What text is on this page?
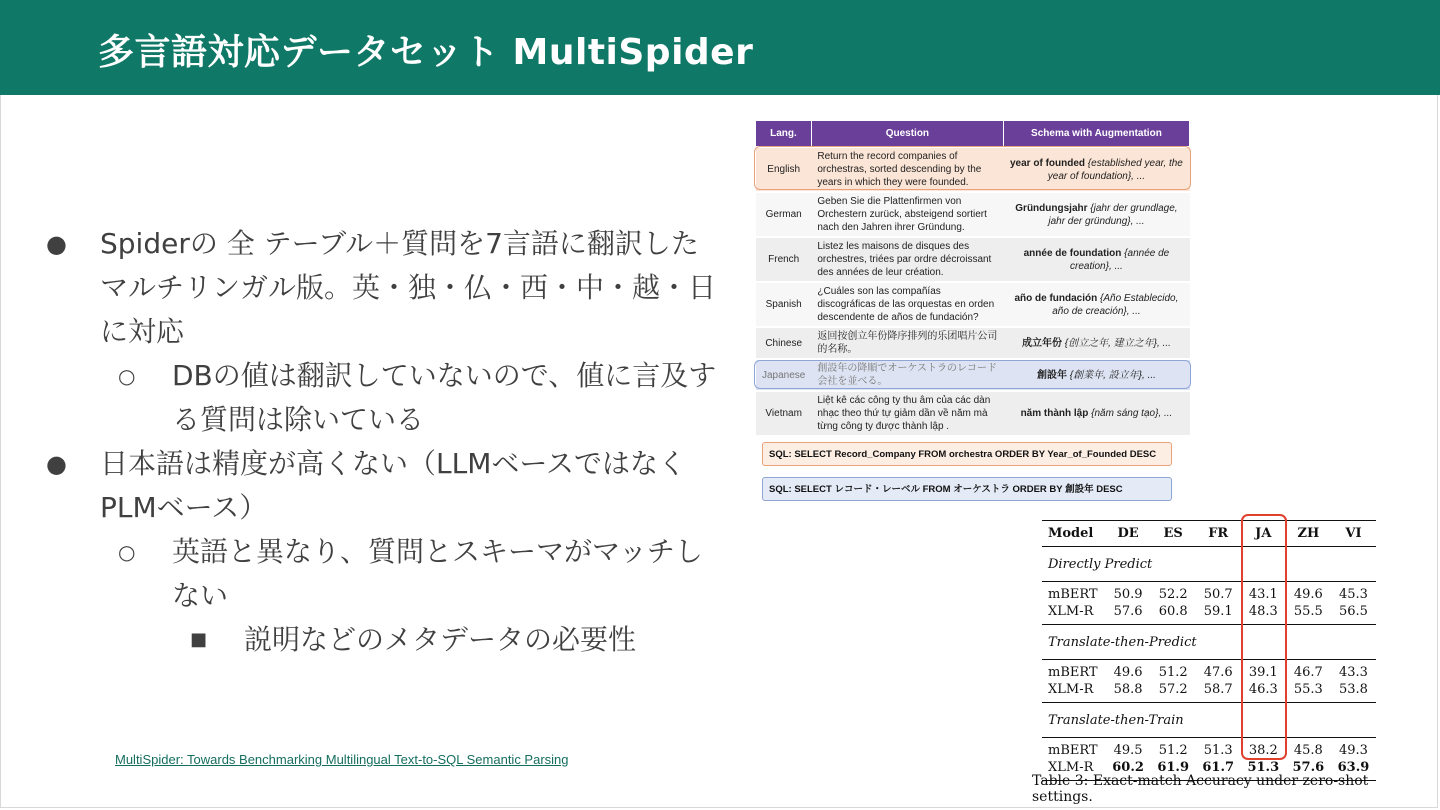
多言語対応データセット MultiSpider
● Spiderの 全 テーブル＋質問を7言語に翻訳したマルチリンガル版。英・独・仏・西・中・越・日に対応
○ DBの値は翻訳していないので、値に言及する質問は除いている
● 日本語は精度が高くない（LLMベースではなくPLMベース）
○ 英語と異なり、質問とスキーマがマッチしない
■ 説明などのメタデータの必要性
MultiSpider: Towards Benchmarking Multilingual Text-to-SQL Semantic Parsing
Lang.	Question	Schema with Augmentation
English	Return the record companies of orchestras, sorted descending by the years in which they were founded.	year of founded {established year, the year of foundation}, ...
German	Geben Sie die Plattenfirmen von Orchestern zurück, absteigend sortiert nach den Jahren ihrer Gründung.	Gründungsjahr {jahr der grundlage, jahr der gründung}, ...
French	Listez les maisons de disques des orchestres, triées par ordre décroissant des années de leur création.	année de foundation {année de creation}, ...
Spanish	¿Cuáles son las compañías discográficas de las orquestas en orden descendente de años de fundación?	año de fundación {Año Establecido, año de creación}, ...
Chinese	返回按创立年份降序排列的乐团唱片公司的名称。	成立年份 {创立之年, 建立之年}, ...
Japanese	創設年の降順でオーケストラのレコード会社を並べる。	創設年 {創業年, 設立年}, ...
Vietnam	Liệt kê các công ty thu âm của các dàn nhạc theo thứ tự giảm dần về năm mà từng công ty được thành lập .	năm thành lập {năm sáng tạo}, ...
SQL: SELECT Record_Company FROM orchestra ORDER BY Year_of_Founded DESC
SQL: SELECT レコード・レーベル FROM オーケストラ ORDER BY 創設年 DESC
Model	DE	ES	FR	JA	ZH	VI
Directly Predict						
mBERT	50.9	52.2	50.7	43.1	49.6	45.3
XLM-R	57.6	60.8	59.1	48.3	55.5	56.5
Translate-then-Predict						
mBERT	49.6	51.2	47.6	39.1	46.7	43.3
XLM-R	58.8	57.2	58.7	46.3	55.3	53.8
Translate-then-Train						
mBERT	49.5	51.2	51.3	38.2	45.8	49.3
XLM-R	60.2	61.9	61.7	51.3	57.6	63.9
Table 3: Exact-match Accuracy under zero-shot settings.
